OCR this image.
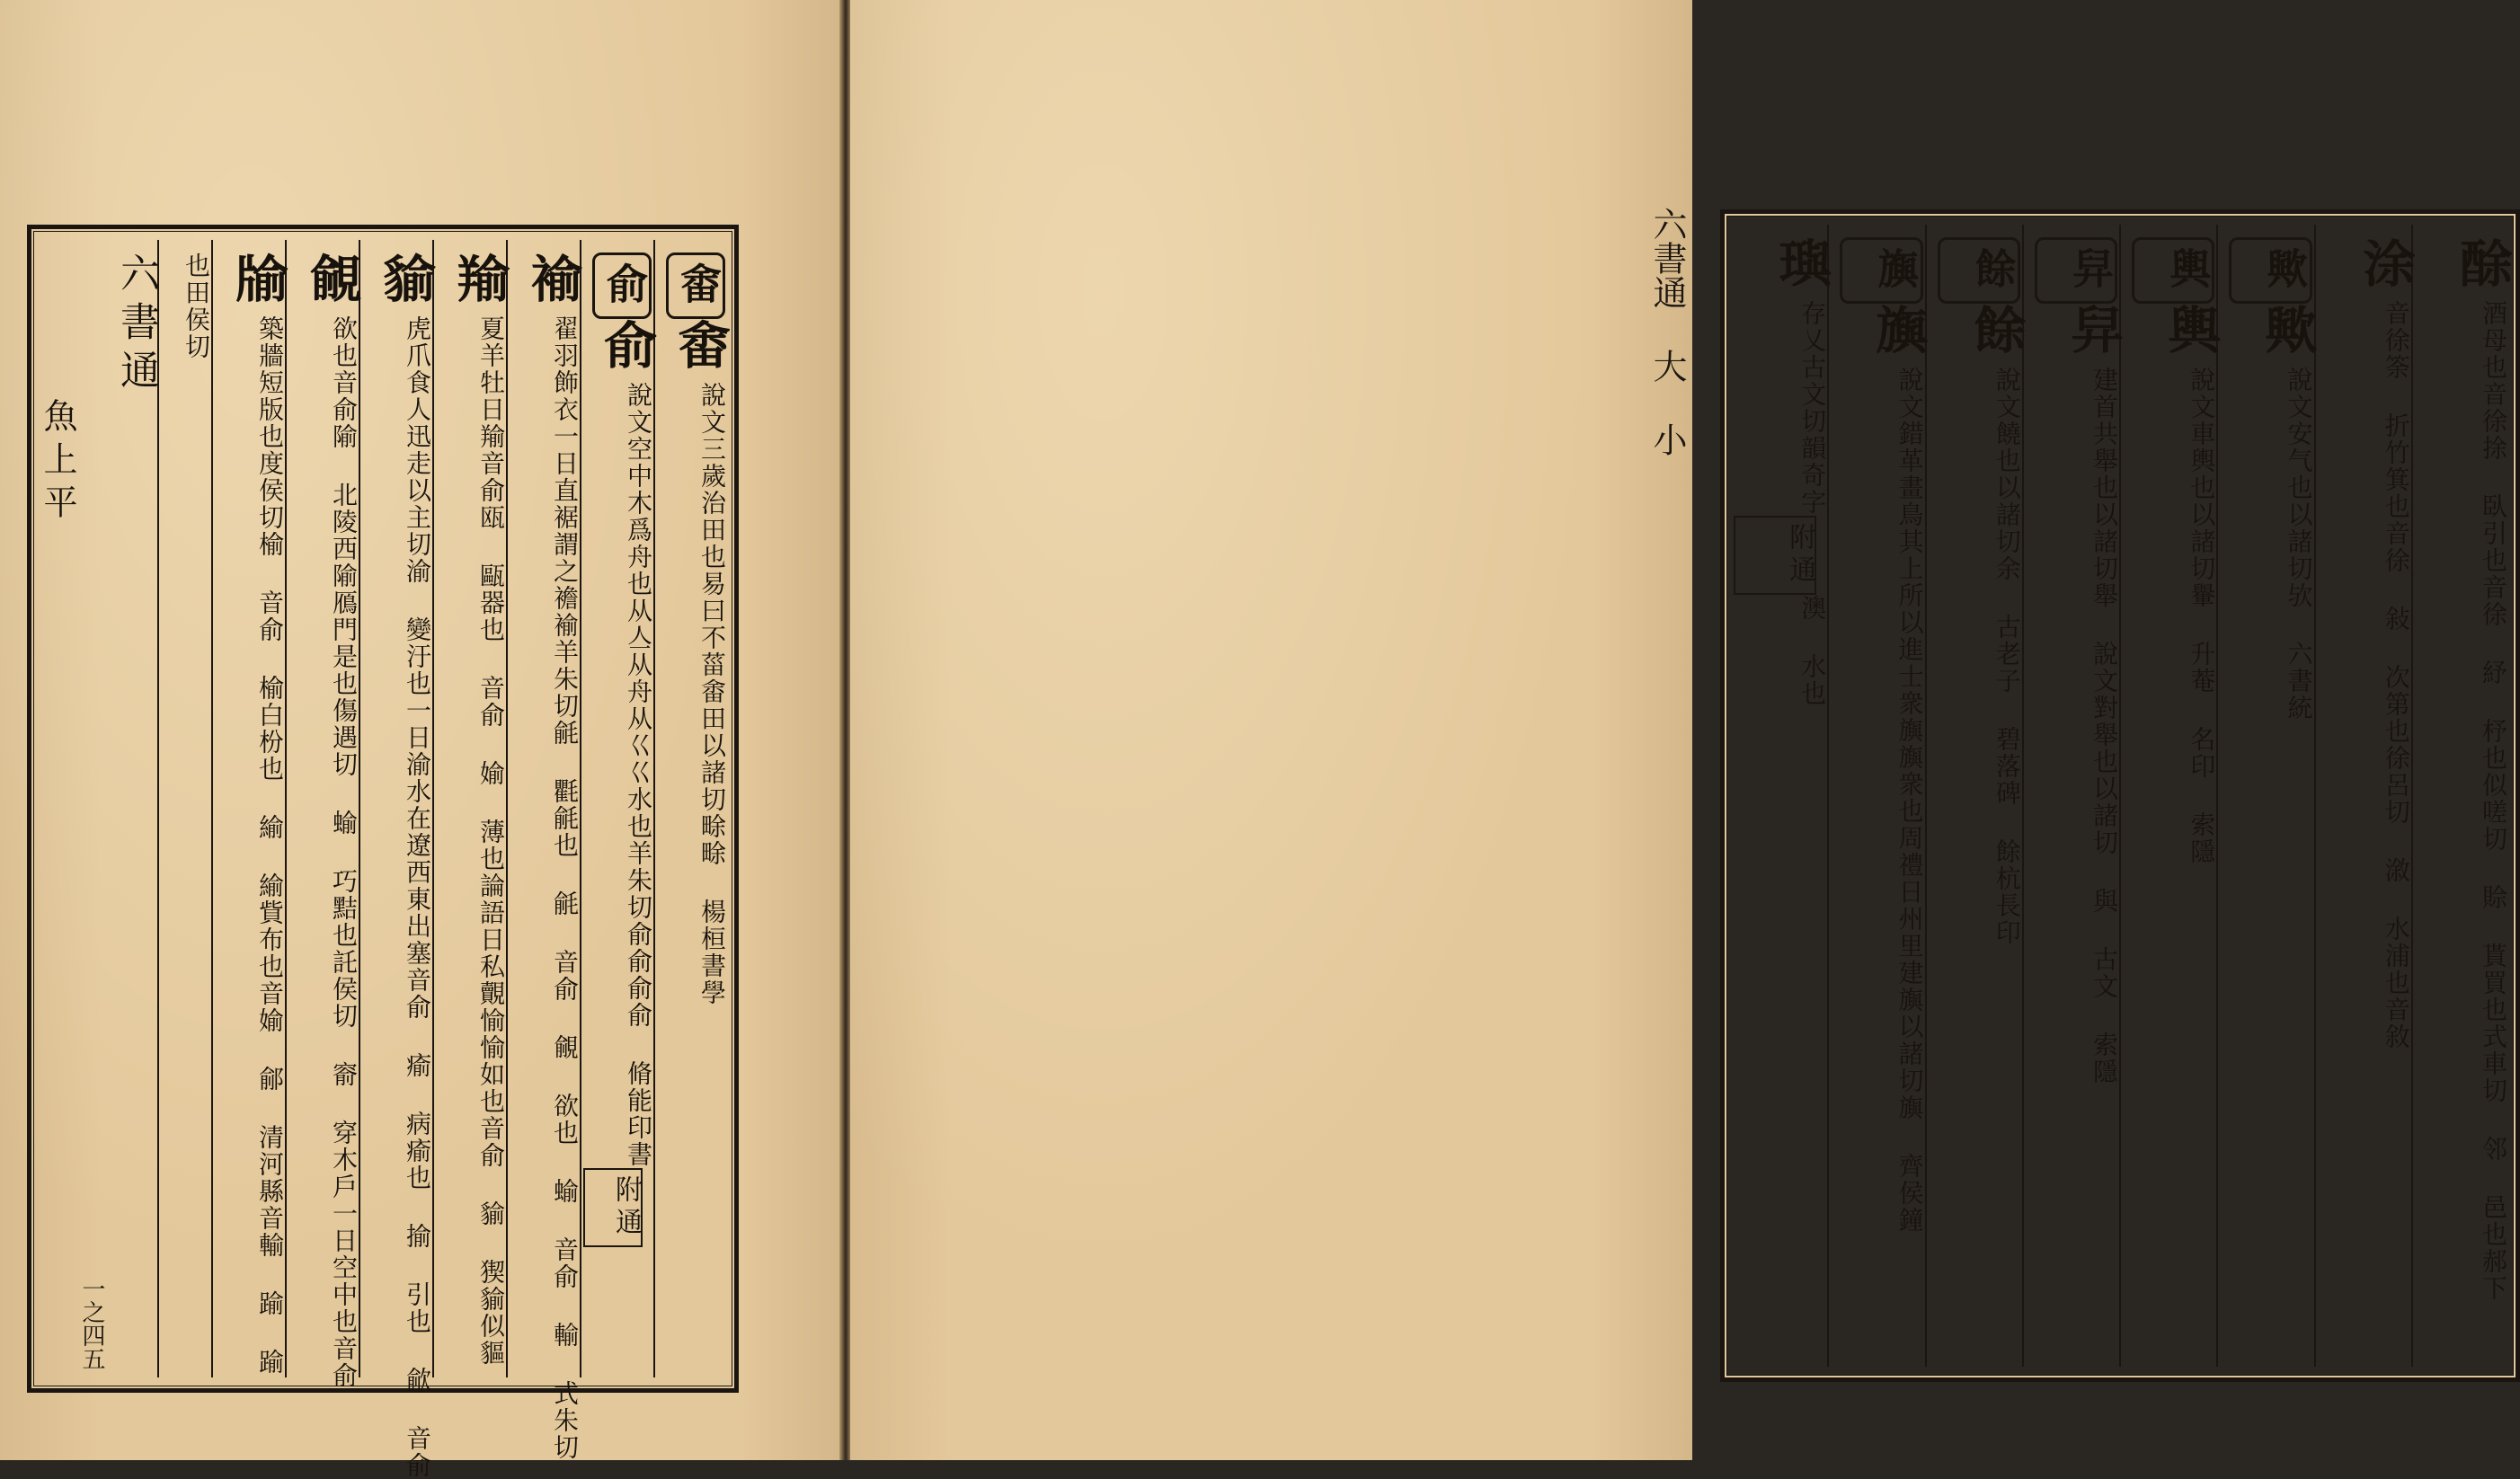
畬
畬
說文三歲治田也易曰不菑畬田以諸切
畭畭 楊桓書學
俞
俞
說文空中木爲舟也从亼从舟从巜巜水也羊朱切
俞俞俞俞 脩能印書
附通
褕
翟羽飾衣一日直裾謂之襜褕羊朱切
毹 氍毹也 毹 音俞 覦 欲也 蝓 音俞 輸 式朱切
羭
夏羊牡日羭音俞
瓯 甌器也 音俞 媮 薄也論語日私覿愉愉如也音俞 貐 猰貐似貙
貐
虎爪食人迅走以主切
渝 變汙也一日渝水在遼西東出塞音俞 瘉 病瘉也 揄 引也 歈 音俞
覦
欲也音俞
隃 北陵西隃鴈門是也傷遇切 蝓 巧黠也託侯切 窬 穿木戶一日空中也音俞
牏
築牆短版也度侯切
榆 音俞 榆白枌也 緰 緰貲布也音媮 鄃 清河縣音輸 踰 踰
也田侯切
六書通
魚
上平
一之四五
酴
酒母也音徐
捈 臥引也音徐 紓 杼也似嗟切 賒 貰買也式車切 邻 邑也郝下
涂
音徐
筡 折竹箕也音徐 敍 次第也徐呂切 漵 水浦也音敘
歟
歟
說文安气也以諸切
欤 六書統
輿
輿
說文車輿也以諸切
轝 升菴 名印 索隱
舁
舁
建首共舉也以諸切
舉 說文對舉也以諸切 與 古文 索隱
餘
餘
說文饒也以諸切
余 古老子 碧落碑 餘杭長印
旟
旟
說文錯革畫鳥其上所以進士衆旟旟衆也周禮日州里建旟以諸切
旟 齊侯鐘
璵
存乂古文切韻奇字
附通
澳 水也
六書通 大 小
